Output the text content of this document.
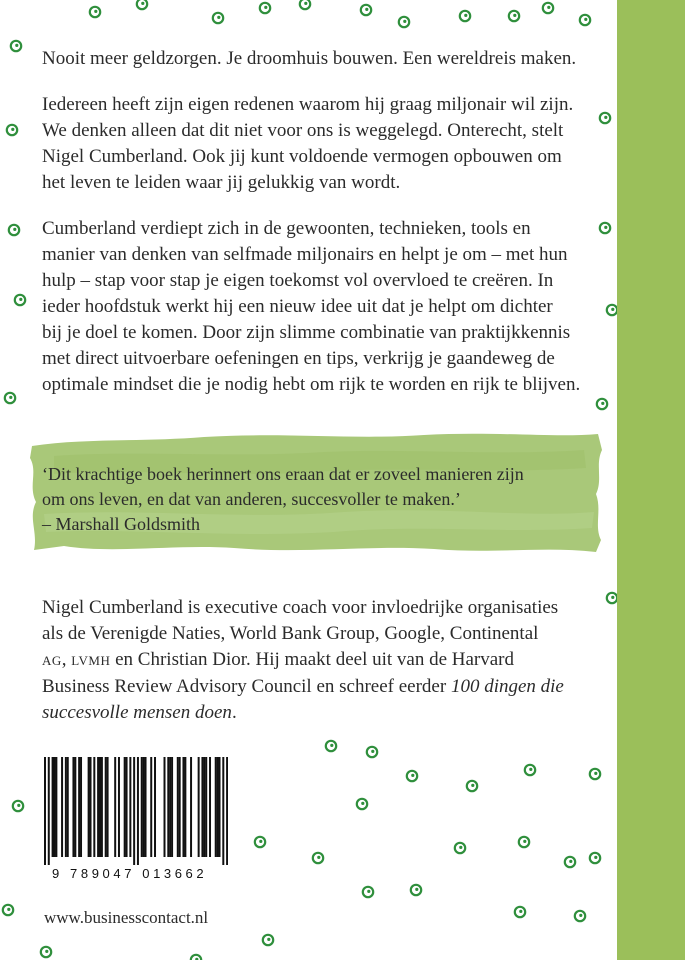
Nooit meer geldzorgen. Je droomhuis bouwen. Een wereldreis maken.

Iedereen heeft zijn eigen redenen waarom hij graag miljonair wil zijn.

We denken alleen dat dit niet voor ons is weggelegd. Onterecht, stelt

Nigel Cumberland. Ook jij kunt voldoende vermogen opbouwen om

het leven te leiden waar jij gelukkig van wordt.

Cumberland verdiept zich in de gewoonten, technieken, tools en

manier van denken van selfmade miljonairs en helpt je om – met hun

hulp – stap voor stap je eigen toekomst vol overvloed te creëren. In

ieder hoofdstuk werkt hij een nieuw idee uit dat je helpt om dichter

bij je doel te komen. Door zijn slimme combinatie van praktijkkennis

met direct uitvoerbare oefeningen en tips, verkrijg je gaandeweg de

optimale mindset die je nodig hebt om rijk te worden en rijk te blijven.

‘Dit krachtige boek herinnert ons eraan dat er zoveel manieren zijn
om ons leven, en dat van anderen, succesvoller te maken.’
– Marshall Goldsmith

Nigel Cumberland is executive coach voor invloedrijke organisaties

als de Verenigde Naties, World Bank Group, Google, Continental

AG, LVMH en Christian Dior. Hij maakt deel uit van de Harvard

Business Review Advisory Council en schreef eerder 100 dingen die

succesvolle mensen doen.

9 789047 013662
www.businesscontact.nl
